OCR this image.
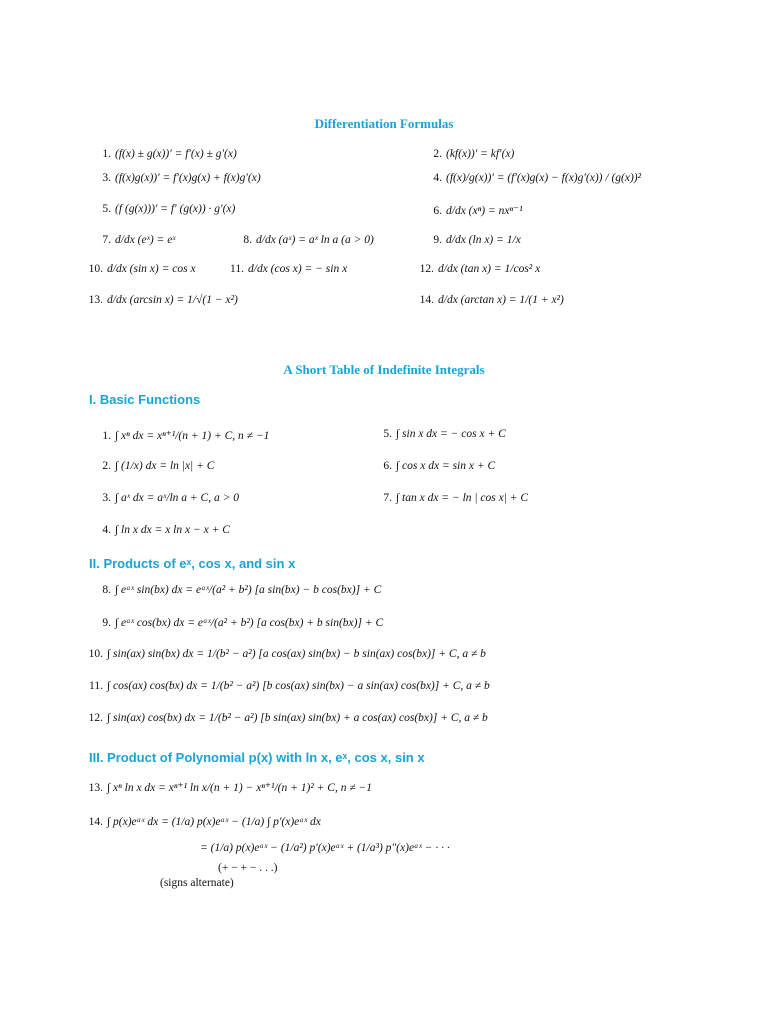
Differentiation Formulas
1. (f(x) ± g(x))′ = f′(x) ± g′(x)	2. (kf(x))′ = kf′(x)
3. (f(x)g(x))′ = f′(x)g(x) + f(x)g′(x)	4. (f(x)/g(x))′ = (f′(x)g(x) − f(x)g′(x)) / (g(x))²
5. (f (g(x)))′ = f′ (g(x)) · g′(x)	6. d/dx (xⁿ) = nxⁿ⁻¹
7. d/dx (eˣ) = eˣ	8. d/dx (aˣ) = aˣ ln a (a > 0)	9. d/dx (ln x) = 1/x
10. d/dx (sin x) = cos x	11. d/dx (cos x) = − sin x	12. d/dx (tan x) = 1/cos² x
13. d/dx (arcsin x) = 1/√(1 − x²)	14. d/dx (arctan x) = 1/(1 + x²)
A Short Table of Indefinite Integrals
I. Basic Functions
1. ∫ xⁿ dx = xⁿ⁺¹/(n + 1) + C, n ≠ −1	5. ∫ sin x dx = − cos x + C
2. ∫ (1/x) dx = ln |x| + C	6. ∫ cos x dx = sin x + C
3. ∫ aˣ dx = aˣ/ln a + C, a > 0	7. ∫ tan x dx = − ln | cos x| + C
4. ∫ ln x dx = x ln x − x + C
II. Products of eˣ, cos x, and sin x
8. ∫ eᵃˣ sin(bx) dx = eᵃˣ/(a² + b²) [a sin(bx) − b cos(bx)] + C
9. ∫ eᵃˣ cos(bx) dx = eᵃˣ/(a² + b²) [a cos(bx) + b sin(bx)] + C
10. ∫ sin(ax) sin(bx) dx = 1/(b² − a²) [a cos(ax) sin(bx) − b sin(ax) cos(bx)] + C, a ≠ b
11. ∫ cos(ax) cos(bx) dx = 1/(b² − a²) [b cos(ax) sin(bx) − a sin(ax) cos(bx)] + C, a ≠ b
12. ∫ sin(ax) cos(bx) dx = 1/(b² − a²) [b sin(ax) sin(bx) + a cos(ax) cos(bx)] + C, a ≠ b
III. Product of Polynomial p(x) with ln x, eˣ, cos x, sin x
13. ∫ xⁿ ln x dx = xⁿ⁺¹ ln x/(n + 1) − xⁿ⁺¹/(n + 1)² + C, n ≠ −1
14. ∫ p(x)eᵃˣ dx = (1/a) p(x)eᵃˣ − (1/a) ∫ p′(x)eᵃˣ dx
= (1/a) p(x)eᵃˣ − (1/a²) p′(x)eᵃˣ + (1/a³) p″(x)eᵃˣ − · · ·
(+ − + − . . .)
(signs alternate)
